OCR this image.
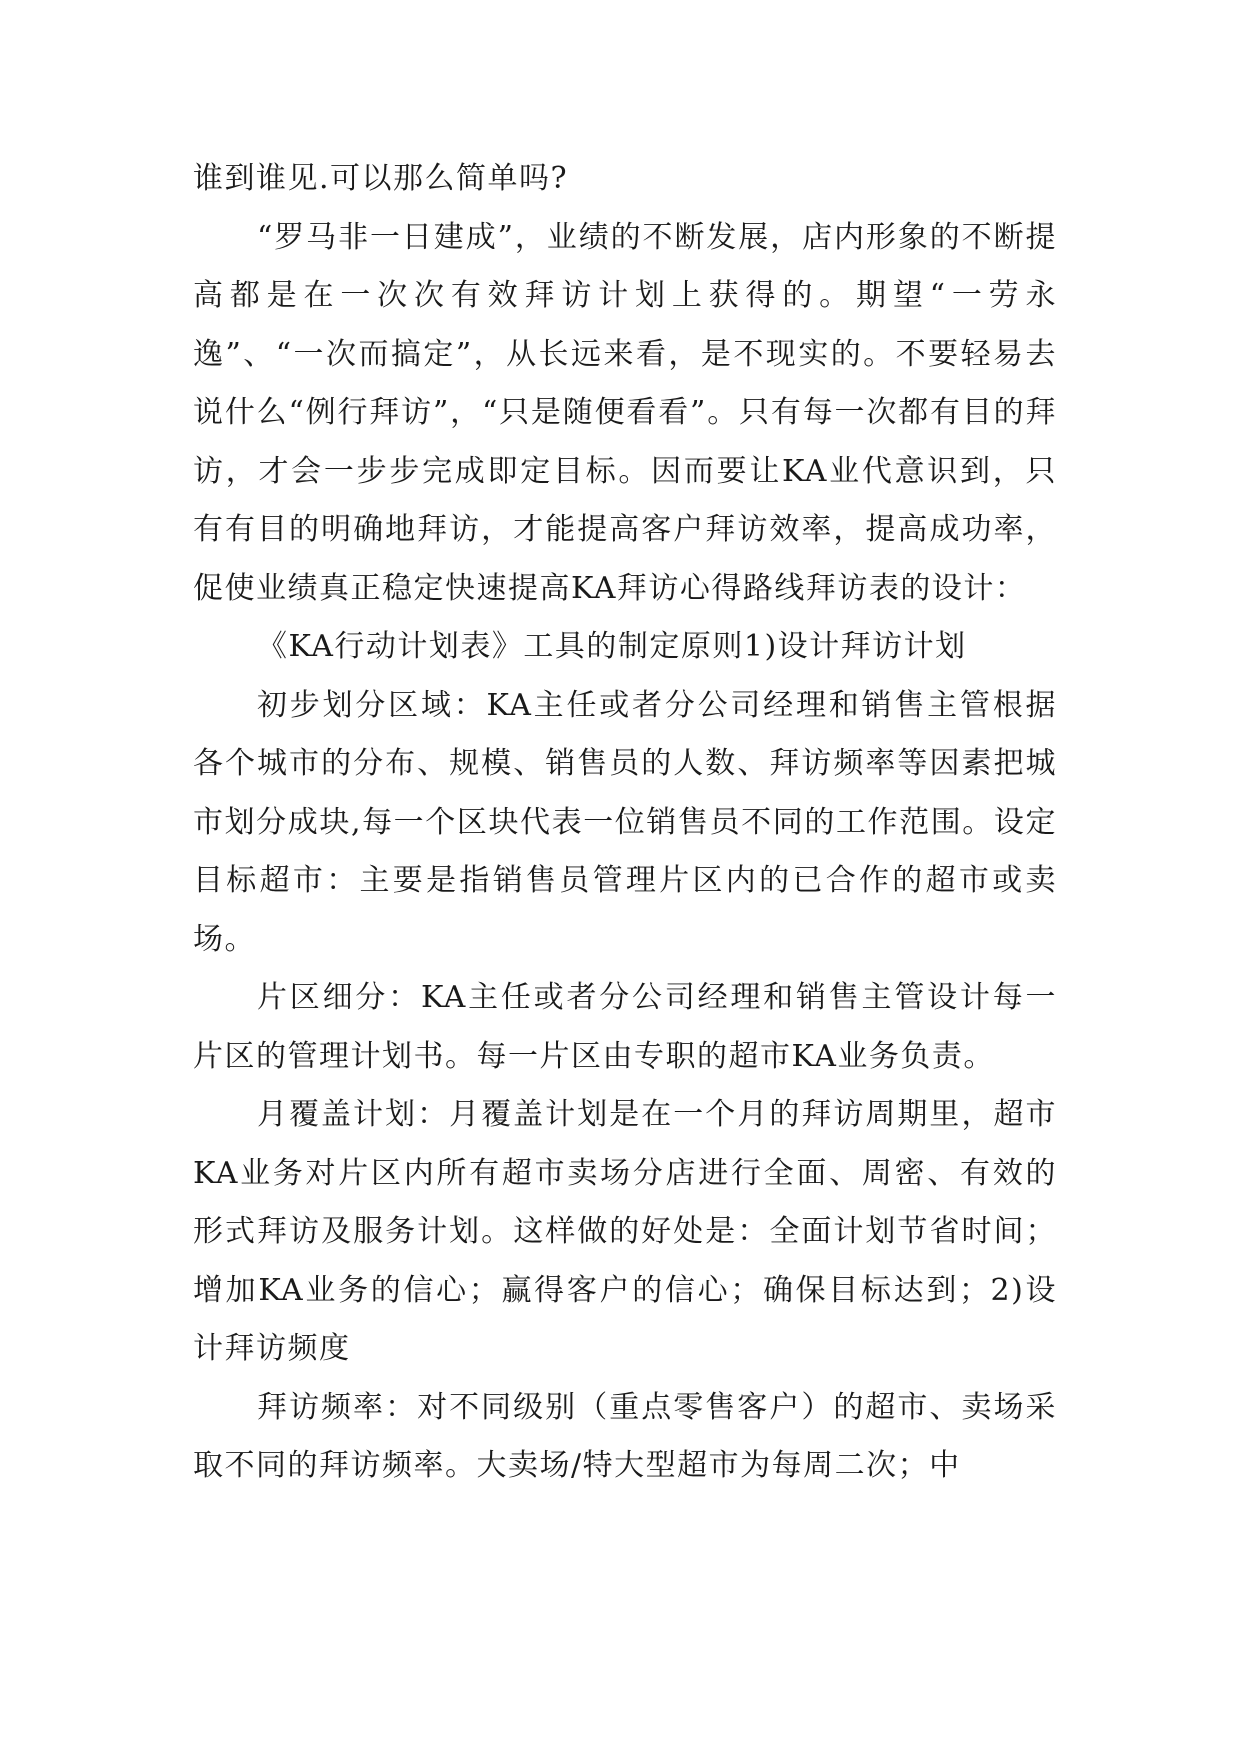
谁到谁见.可以那么简单吗?

“罗马非一日建成”，业绩的不断发展，店内形象的不断提高都是在一次次有效拜访计划上获得的。期望“一劳永逸”、“一次而搞定”，从长远来看，是不现实的。不要轻易去说什么“例行拜访”，“只是随便看看”。只有每一次都有目的拜访，才会一步步完成即定目标。因而要让KA业代意识到，只有有目的明确地拜访，才能提高客户拜访效率，提高成功率，促使业绩真正稳定快速提高KA拜访心得路线拜访表的设计：

《KA行动计划表》工具的制定原则1)设计拜访计划

初步划分区域：KA主任或者分公司经理和销售主管根据各个城市的分布、规模、销售员的人数、拜访频率等因素把城市划分成块,每一个区块代表一位销售员不同的工作范围。设定目标超市：主要是指销售员管理片区内的已合作的超市或卖场。

片区细分：KA主任或者分公司经理和销售主管设计每一片区的管理计划书。每一片区由专职的超市KA业务负责。

月覆盖计划：月覆盖计划是在一个月的拜访周期里，超市KA业务对片区内所有超市卖场分店进行全面、周密、有效的形式拜访及服务计划。这样做的好处是：全面计划节省时间；增加KA业务的信心；赢得客户的信心；确保目标达到；2)设计拜访频度

拜访频率：对不同级别（重点零售客户）的超市、卖场采取不同的拜访频率。大卖场/特大型超市为每周二次；中
